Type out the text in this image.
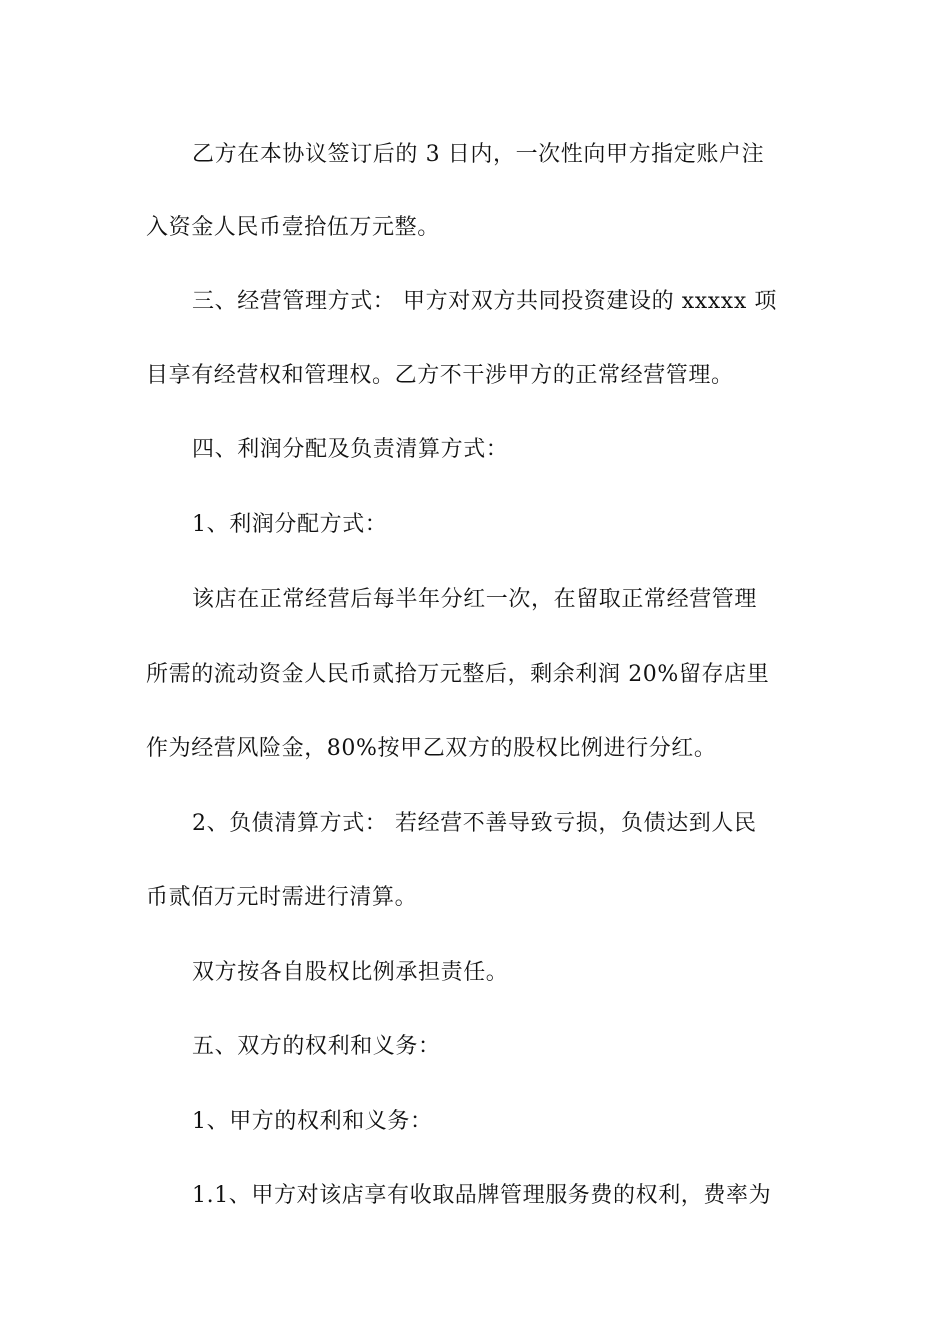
乙方在本协议签订后的 3 日内，一次性向甲方指定账户注
入资金人民币壹拾伍万元整。
三、经营管理方式： 甲方对双方共同投资建设的 xxxxx 项
目享有经营权和管理权。乙方不干涉甲方的正常经营管理。
四、利润分配及负责清算方式：
1、利润分配方式：
该店在正常经营后每半年分红一次，在留取正常经营管理
所需的流动资金人民币贰拾万元整后，剩余利润 20%留存店里
作为经营风险金，80%按甲乙双方的股权比例进行分红。
2、负债清算方式： 若经营不善导致亏损，负债达到人民
币贰佰万元时需进行清算。
双方按各自股权比例承担责任。
五、双方的权利和义务：
1、甲方的权利和义务：
1.1、甲方对该店享有收取品牌管理服务费的权利，费率为
